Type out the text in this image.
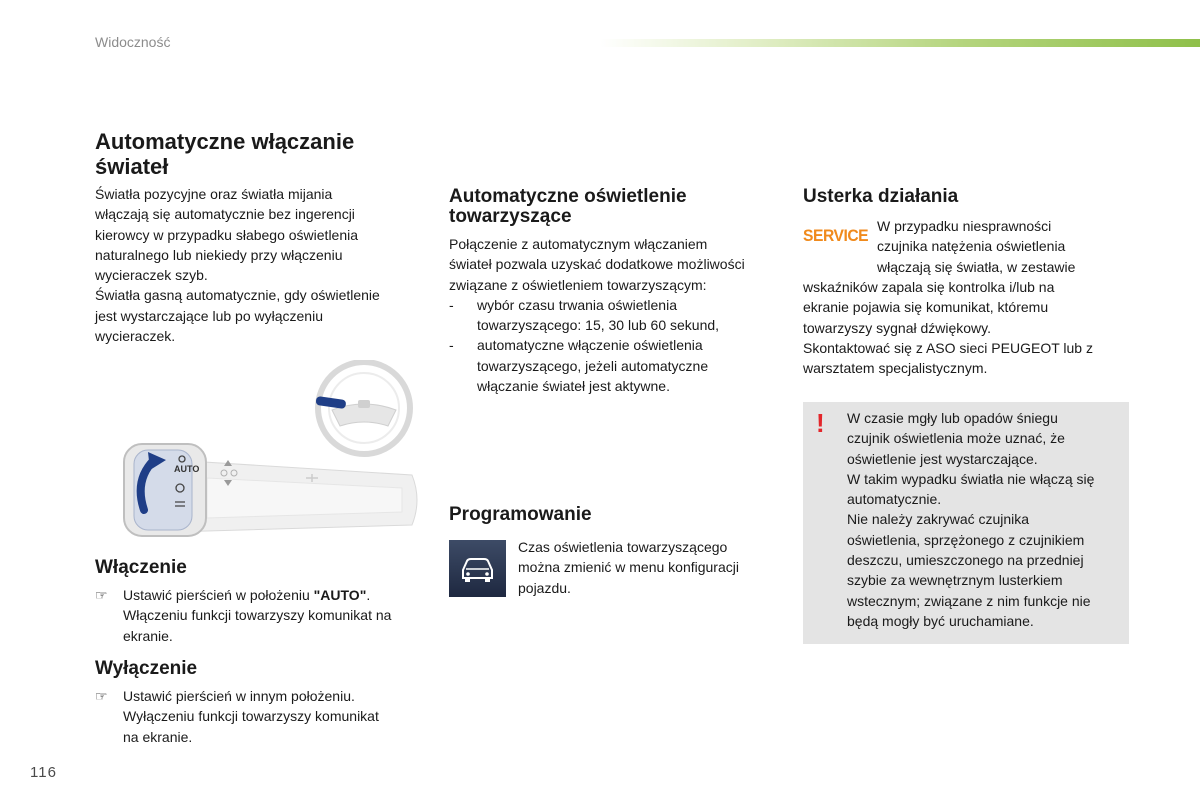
Widoczność
Automatyczne włączanie świateł

Światła pozycyjne oraz światła mijania

włączają się automatycznie bez ingerencji

kierowcy w przypadku słabego oświetlenia

naturalnego lub niekiedy przy włączeniu

wycieraczek szyb.

Światła gasną automatycznie, gdy oświetlenie

jest wystarczające lub po wyłączeniu

wycieraczek.

AUTO
Włączenie
☞ Ustawić pierścień w położeniu "AUTO".

Włączeniu funkcji towarzyszy komunikat na

ekranie.

Wyłączenie
☞ Ustawić pierścień w innym położeniu.

Wyłączeniu funkcji towarzyszy komunikat

na ekranie.

Automatyczne oświetlenie
towarzyszące

Połączenie z automatycznym włączaniem

świateł pozwala uzyskać dodatkowe możliwości

związane z oświetleniem towarzyszącym:

- wybór czasu trwania oświetlenia

towarzyszącego: 15, 30 lub 60 sekund,

- automatyczne włączenie oświetlenia

towarzyszącego, jeżeli automatyczne

włączanie świateł jest aktywne.

Programowanie

Czas oświetlenia towarzyszącego

można zmienić w menu konfiguracji

pojazdu.

Usterka działania
SERVICE W przypadku niesprawności

czujnika natężenia oświetlenia

włączają się światła, w zestawie

wskaźników zapala się kontrolka i/lub na

ekranie pojawia się komunikat, któremu

towarzyszy sygnał dźwiękowy.

Skontaktować się z ASO sieci PEUGEOT lub z

warsztatem specjalistycznym.

! W czasie mgły lub opadów śniegu

czujnik oświetlenia może uznać, że

oświetlenie jest wystarczające.

W takim wypadku światła nie włączą się

automatycznie.

Nie należy zakrywać czujnika

oświetlenia, sprzężonego z czujnikiem

deszczu, umieszczonego na przedniej

szybie za wewnętrznym lusterkiem

wstecznym; związane z nim funkcje nie

będą mogły być uruchamiane.

116
